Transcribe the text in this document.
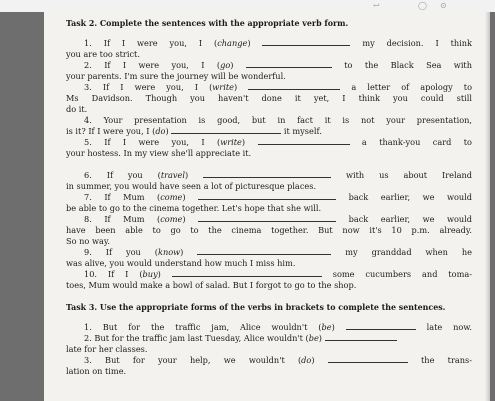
↩	◯ ⊙
Task 2. Complete the sentences with the appropriate verb form.
1. If I were you, I (change)	my decision. I think
you are too strict.
2. If I were you, I (go)	to the Black Sea with
your parents. I'm sure the journey will be wonderful.
3. If I were you, I (write)	a letter of apology to
Ms Davidson. Though you haven't done it yet, I think you could still
do it.
4. Your presentation is good, but in fact it is not your presentation,
is it? If I were you, I (do)	it myself.
5. If I were you, I (write)	a thank-you card to
your hostess. In my view she'll appreciate it.
6. If you (travel)	with us about Ireland
in summer, you would have seen a lot of picturesque places.
7. If Mum (come)	back earlier, we would
be able to go to the cinema together. Let's hope that she will.
8. If Mum (come)	back earlier, we would
have been able to go to the cinema together. But now it's 10 p.m. already.
So no way.
9. If you (know)	my granddad when he
was alive, you would understand how much I miss him.
10. If I (buy)	some cucumbers and toma-
toes, Mum would make a bowl of salad. But I forgot to go to the shop.
Task 3. Use the appropriate forms of the verbs in brackets to complete the sentences.
1. But for the traffic jam, Alice wouldn't (be)	late now.
2. But for the traffic jam last Tuesday, Alice wouldn't (be)
late for her classes.
3. But for your help, we wouldn't (do)	the trans-
lation on time.
